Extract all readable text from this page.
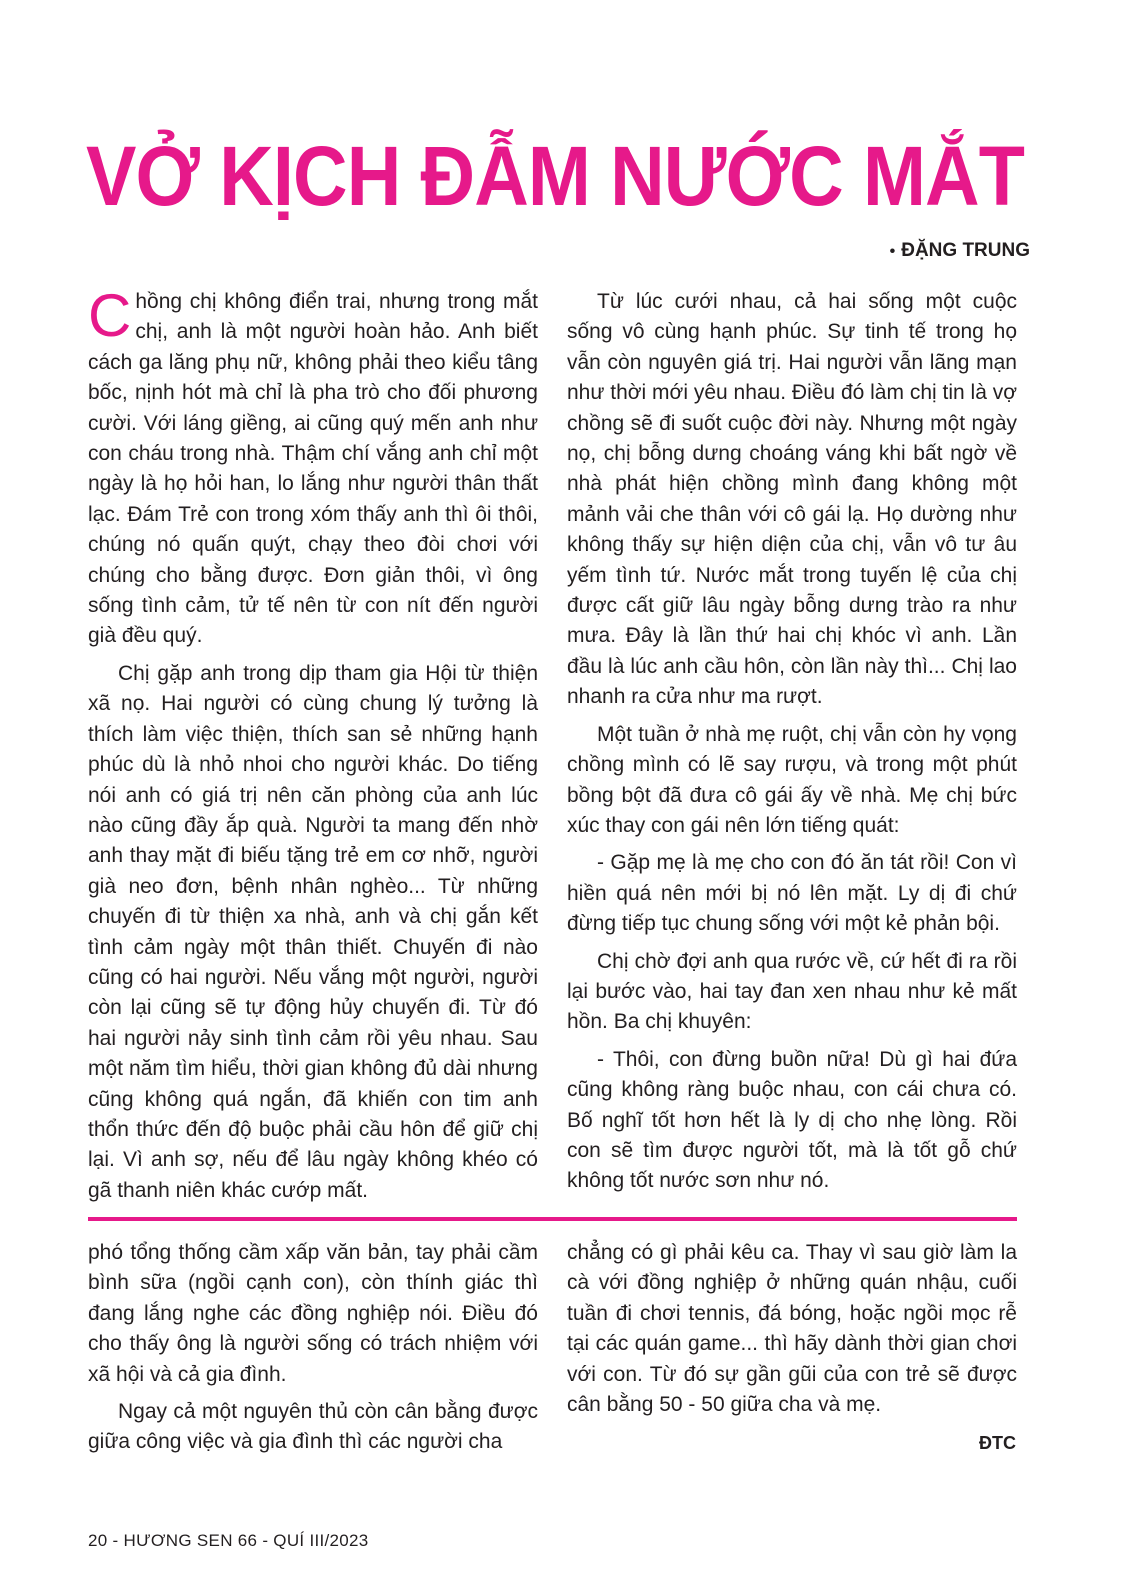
VỞ KỊCH ĐẪM NƯỚC MẮT
• ĐẶNG TRUNG

Chồng chị không điển trai, nhưng trong mắt chị, anh là một người hoàn hảo. Anh biết cách ga lăng phụ nữ, không phải theo kiểu tâng bốc, nịnh hót mà chỉ là pha trò cho đối phương cười. Với láng giềng, ai cũng quý mến anh như con cháu trong nhà. Thậm chí vắng anh chỉ một ngày là họ hỏi han, lo lắng như người thân thất lạc. Đám Trẻ con trong xóm thấy anh thì ôi thôi, chúng nó quấn quýt, chạy theo đòi chơi với chúng cho bằng được. Đơn giản thôi, vì ông sống tình cảm, tử tế nên từ con nít đến người già đều quý.

Chị gặp anh trong dịp tham gia Hội từ thiện xã nọ. Hai người có cùng chung lý tưởng là thích làm việc thiện, thích san sẻ những hạnh phúc dù là nhỏ nhoi cho người khác. Do tiếng nói anh có giá trị nên căn phòng của anh lúc nào cũng đầy ắp quà. Người ta mang đến nhờ anh thay mặt đi biếu tặng trẻ em cơ nhỡ, người già neo đơn, bệnh nhân nghèo... Từ những chuyến đi từ thiện xa nhà, anh và chị gắn kết tình cảm ngày một thân thiết. Chuyến đi nào cũng có hai người. Nếu vắng một người, người còn lại cũng sẽ tự động hủy chuyến đi. Từ đó hai người nảy sinh tình cảm rồi yêu nhau. Sau một năm tìm hiểu, thời gian không đủ dài nhưng cũng không quá ngắn, đã khiến con tim anh thổn thức đến độ buộc phải cầu hôn để giữ chị lại. Vì anh sợ, nếu để lâu ngày không khéo có gã thanh niên khác cướp mất.

Từ lúc cưới nhau, cả hai sống một cuộc sống vô cùng hạnh phúc. Sự tinh tế trong họ vẫn còn nguyên giá trị. Hai người vẫn lãng mạn như thời mới yêu nhau. Điều đó làm chị tin là vợ chồng sẽ đi suốt cuộc đời này. Nhưng một ngày nọ, chị bỗng dưng choáng váng khi bất ngờ về nhà phát hiện chồng mình đang không một mảnh vải che thân với cô gái lạ. Họ dường như không thấy sự hiện diện của chị, vẫn vô tư âu yếm tình tứ. Nước mắt trong tuyến lệ của chị được cất giữ lâu ngày bỗng dưng trào ra như mưa. Đây là lần thứ hai chị khóc vì anh. Lần đầu là lúc anh cầu hôn, còn lần này thì... Chị lao nhanh ra cửa như ma rượt.

Một tuần ở nhà mẹ ruột, chị vẫn còn hy vọng chồng mình có lẽ say rượu, và trong một phút bồng bột đã đưa cô gái ấy về nhà. Mẹ chị bức xúc thay con gái nên lớn tiếng quát:

- Gặp mẹ là mẹ cho con đó ăn tát rồi! Con vì hiền quá nên mới bị nó lên mặt. Ly dị đi chứ đừng tiếp tục chung sống với một kẻ phản bội.

Chị chờ đợi anh qua rước về, cứ hết đi ra rồi lại bước vào, hai tay đan xen nhau như kẻ mất hồn. Ba chị khuyên:

- Thôi, con đừng buồn nữa! Dù gì hai đứa cũng không ràng buộc nhau, con cái chưa có. Bố nghĩ tốt hơn hết là ly dị cho nhẹ lòng. Rồi con sẽ tìm được người tốt, mà là tốt gỗ chứ không tốt nước sơn như nó.

phó tổng thống cầm xấp văn bản, tay phải cầm bình sữa (ngồi cạnh con), còn thính giác thì đang lắng nghe các đồng nghiệp nói. Điều đó cho thấy ông là người sống có trách nhiệm với xã hội và cả gia đình.

Ngay cả một nguyên thủ còn cân bằng được giữa công việc và gia đình thì các người cha

chẳng có gì phải kêu ca. Thay vì sau giờ làm la cà với đồng nghiệp ở những quán nhậu, cuối tuần đi chơi tennis, đá bóng, hoặc ngồi mọc rễ tại các quán game... thì hãy dành thời gian chơi với con. Từ đó sự gần gũi của con trẻ sẽ được cân bằng 50 - 50 giữa cha và mẹ.

ĐTC
20 - HƯƠNG SEN 66 - QUÍ III/2023
